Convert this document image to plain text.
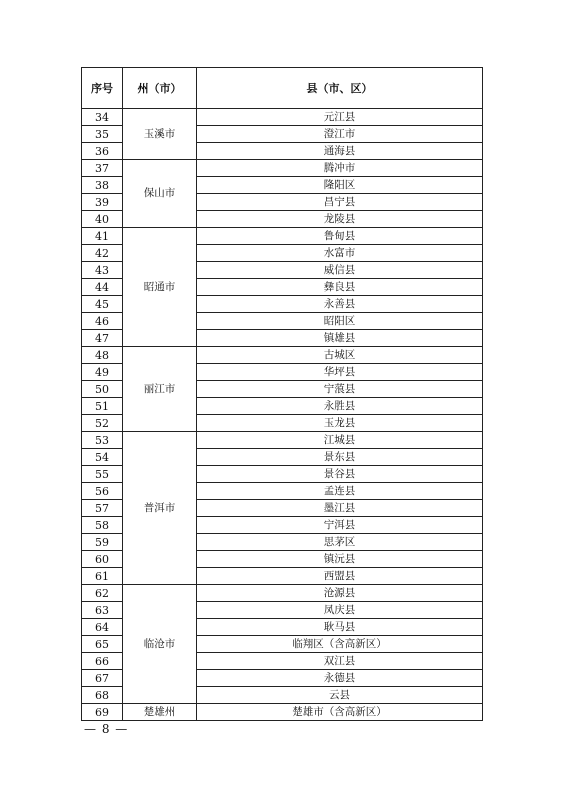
序号	州（市）	县（市、区）
34	玉溪市	元江县
35		澄江市
36		通海县
37	保山市	腾冲市
38		隆阳区
39		昌宁县
40		龙陵县
41	昭通市	鲁甸县
42		水富市
43		威信县
44		彝良县
45		永善县
46		昭阳区
47		镇雄县
48	丽江市	古城区
49		华坪县
50		宁蒗县
51		永胜县
52		玉龙县
53	普洱市	江城县
54		景东县
55		景谷县
56		孟连县
57		墨江县
58		宁洱县
59		思茅区
60		镇沅县
61		西盟县
62	临沧市	沧源县
63		凤庆县
64		耿马县
65		临翔区（含高新区）
66		双江县
67		永德县
68		云县
69	楚雄州	楚雄市（含高新区）
— 8 —
